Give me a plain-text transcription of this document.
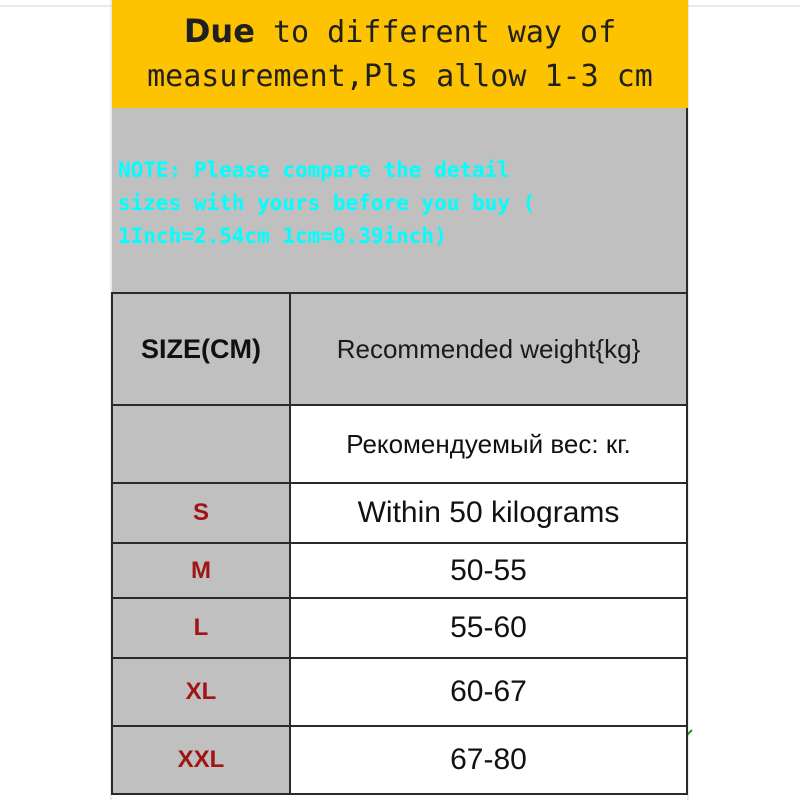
Due to different way of
measurement,Pls allow 1-3 cm
NOTE: Please compare the detail
sizes with yours before you buy (
1Inch=2.54cm 1cm=0.39inch)
SIZE(CM)	Recommended weight{kg}
	Рекомендуемый вес: кг.
S	Within 50 kilograms
M	50-55
L	55-60
XL	60-67
XXL	67-80
